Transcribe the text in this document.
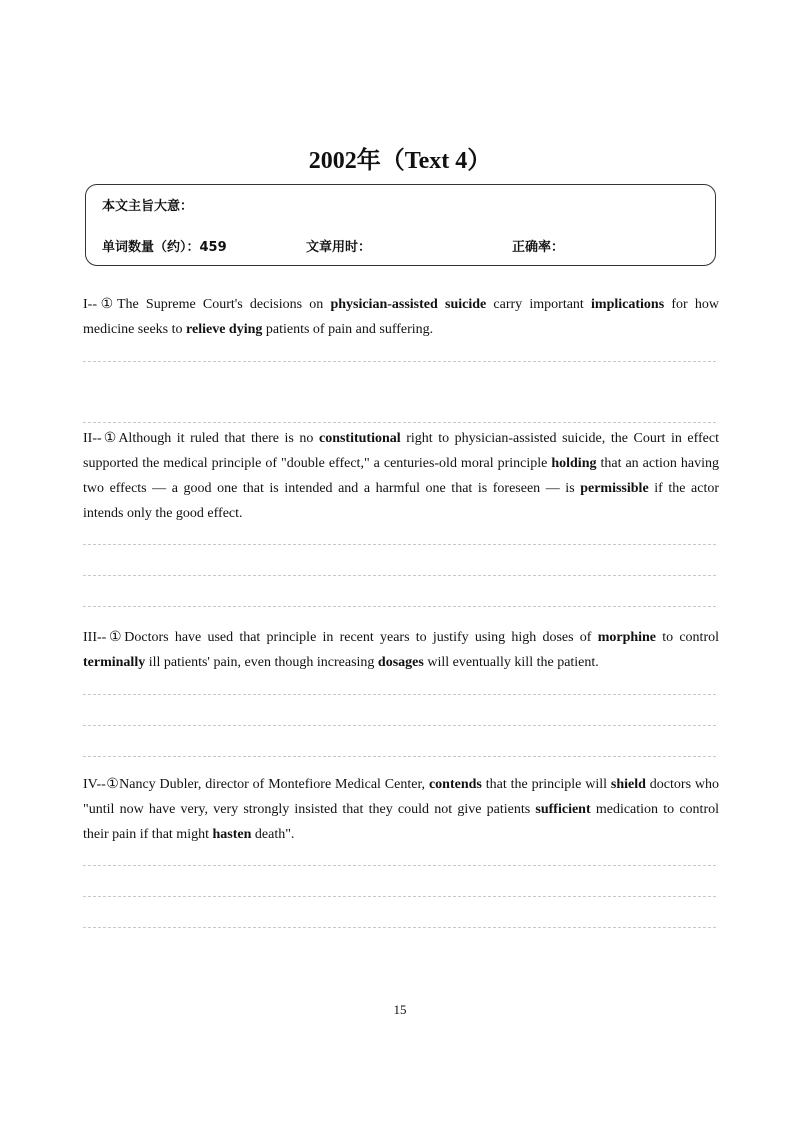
2002年（Text 4）
本文主旨大意：
单词数量（约）：459	文章用时：	正确率：
I--①The Supreme Court's decisions on physician-assisted suicide carry important implications for how medicine seeks to relieve dying patients of pain and suffering.
II--①Although it ruled that there is no constitutional right to physician-assisted suicide, the Court in effect supported the medical principle of "double effect," a centuries-old moral principle holding that an action having two effects — a good one that is intended and a harmful one that is foreseen — is permissible if the actor intends only the good effect.
III--①Doctors have used that principle in recent years to justify using high doses of morphine to control terminally ill patients' pain, even though increasing dosages will eventually kill the patient.
IV--①Nancy Dubler, director of Montefiore Medical Center, contends that the principle will shield doctors who "until now have very, very strongly insisted that they could not give patients sufficient medication to control their pain if that might hasten death".
15
